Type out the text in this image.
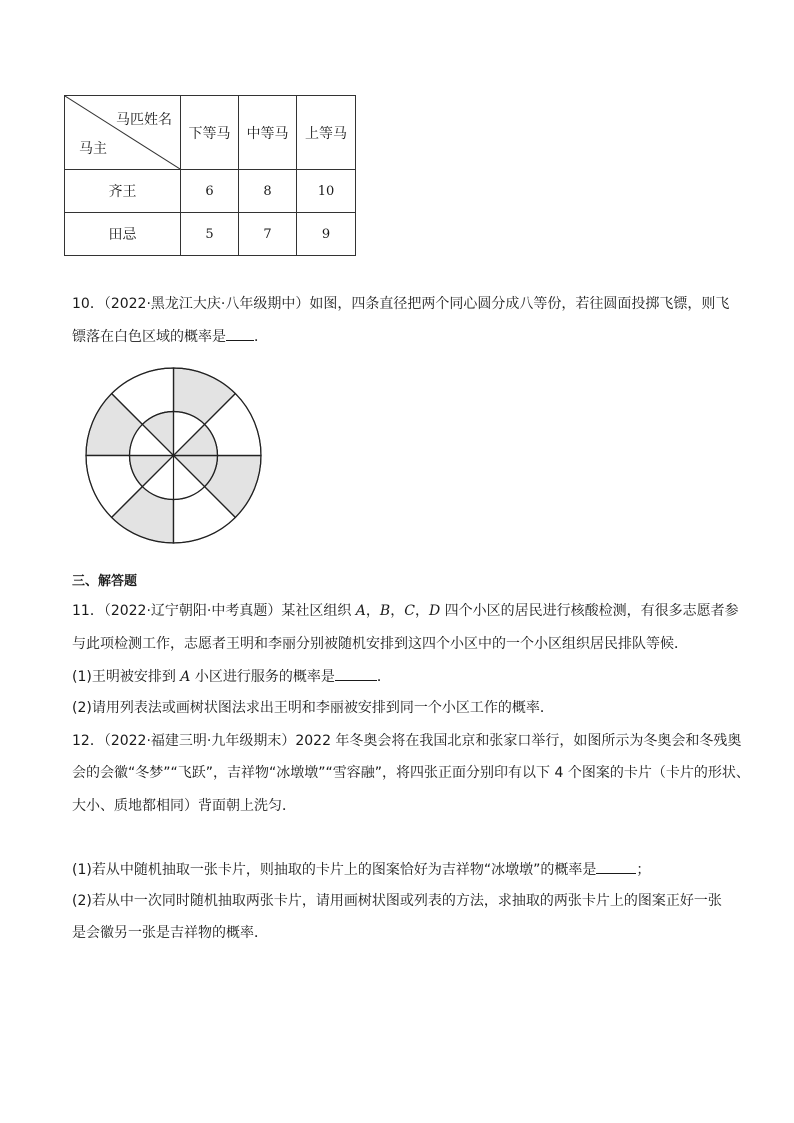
马匹姓名
马主	下等马	中等马	上等马
齐王	6	8	10
田忌	5	7	9
10．（2022·黑龙江大庆·八年级期中）如图，四条直径把两个同心圆分成八等份，若往圆面投掷飞镖，则飞
镖落在白色区域的概率是 ．
三、解答题
11．（2022·辽宁朝阳·中考真题）某社区组织 A，B，C，D 四个小区的居民进行核酸检测，有很多志愿者参
与此项检测工作，志愿者王明和李丽分别被随机安排到这四个小区中的一个小区组织居民排队等候．
(1)王明被安排到 A 小区进行服务的概率是	．
(2)请用列表法或画树状图法求出王明和李丽被安排到同一个小区工作的概率．
12．（2022·福建三明·九年级期末）2022 年冬奥会将在我国北京和张家口举行，如图所示为冬奥会和冬残奥
会的会徽“冬梦”“飞跃”，吉祥物“冰墩墩”“雪容融”，将四张正面分别印有以下 4 个图案的卡片（卡片的形状、
大小、质地都相同）背面朝上洗匀．
(1)若从中随机抽取一张卡片，则抽取的卡片上的图案恰好为吉祥物“冰墩墩”的概率是	；
(2)若从中一次同时随机抽取两张卡片，请用画树状图或列表的方法，求抽取的两张卡片上的图案正好一张
是会徽另一张是吉祥物的概率．
